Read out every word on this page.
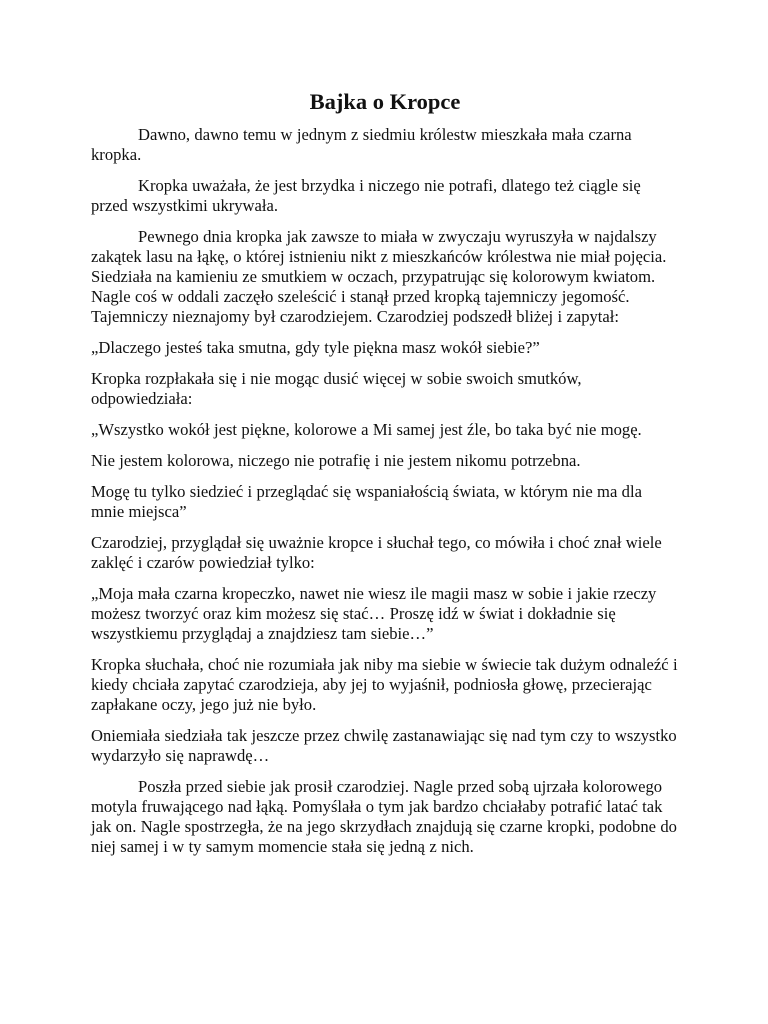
Bajka o Kropce

Dawno, dawno temu w jednym z siedmiu królestw mieszkała mała czarna kropka.

Kropka uważała, że jest brzydka i niczego nie potrafi, dlatego też ciągle się przed wszystkimi ukrywała.

Pewnego dnia kropka jak zawsze to miała w zwyczaju wyruszyła w najdalszy zakątek lasu na łąkę, o której istnieniu nikt z mieszkańców królestwa nie miał pojęcia. Siedziała na kamieniu ze smutkiem w oczach, przypatrując się kolorowym kwiatom. Nagle coś w oddali zaczęło szeleścić i stanął przed kropką tajemniczy jegomość. Tajemniczy nieznajomy był czarodziejem. Czarodziej podszedł bliżej i zapytał:

„Dlaczego jesteś taka smutna, gdy tyle piękna masz wokół siebie?”

Kropka rozpłakała się i nie mogąc dusić więcej w sobie swoich smutków, odpowiedziała:

„Wszystko wokół jest piękne, kolorowe a Mi samej jest źle, bo taka być nie mogę.

Nie jestem kolorowa, niczego nie potrafię i nie jestem nikomu potrzebna.

Mogę tu tylko siedzieć i przeglądać się wspaniałością świata, w którym nie ma dla mnie miejsca”

Czarodziej, przyglądał się uważnie kropce i słuchał tego, co mówiła i choć znał wiele zaklęć i czarów powiedział tylko:

„Moja mała czarna kropeczko, nawet nie wiesz ile magii masz w sobie i jakie rzeczy możesz tworzyć oraz kim możesz się stać… Proszę idź w świat i dokładnie się wszystkiemu przyglądaj a znajdziesz tam siebie…”

Kropka słuchała, choć nie rozumiała jak niby ma siebie w świecie tak dużym odnaleźć i kiedy chciała zapytać czarodzieja, aby jej to wyjaśnił, podniosła głowę, przecierając zapłakane oczy, jego już nie było.

Oniemiała siedziała tak jeszcze przez chwilę zastanawiając się nad tym czy to wszystko wydarzyło się naprawdę…

Poszła przed siebie jak prosił czarodziej. Nagle przed sobą ujrzała kolorowego motyla fruwającego nad łąką. Pomyślała o tym jak bardzo chciałaby potrafić latać tak jak on. Nagle spostrzegła, że na jego skrzydłach znajdują się czarne kropki, podobne do niej samej i w ty samym momencie stała się jedną z nich.
